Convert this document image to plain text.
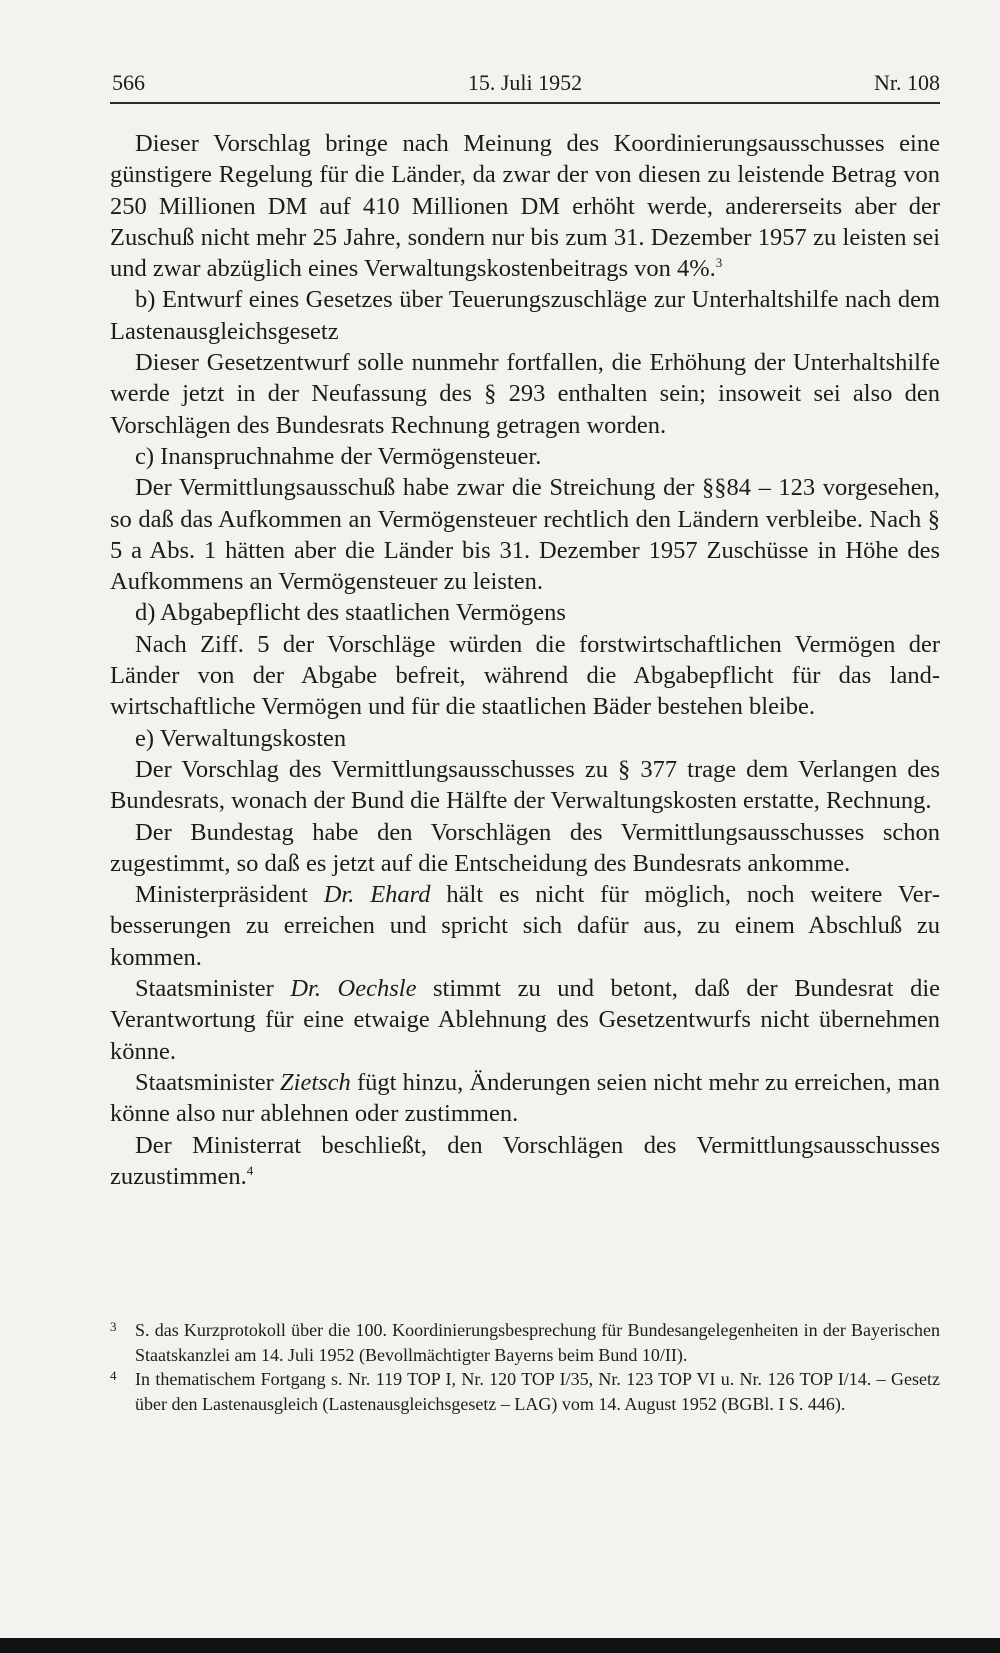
566	15. Juli 1952	Nr. 108

Dieser Vorschlag bringe nach Meinung des Koordinierungsausschusses eine günstigere Regelung für die Länder, da zwar der von diesen zu leistende Betrag von 250 Millionen DM auf 410 Millionen DM erhöht werde, andererseits aber der Zuschuß nicht mehr 25 Jahre, sondern nur bis zum 31. Dezember 1957 zu leisten sei und zwar abzüglich eines Verwaltungskostenbeitrags von 4%.$^3$

b) Entwurf eines Gesetzes über Teuerungszuschläge zur Unterhaltshilfe nach dem Lastenausgleichsgesetz

Dieser Gesetzentwurf solle nunmehr fortfallen, die Erhöhung der Unterhaltshilfe werde jetzt in der Neufassung des § 293 enthalten sein; insoweit sei also den Vorschlägen des Bundesrats Rechnung getragen worden.

c) Inanspruchnahme der Vermögensteuer.

Der Vermittlungsausschuß habe zwar die Streichung der §§84 – 123 vorgesehen, so daß das Aufkommen an Vermögensteuer rechtlich den Ländern verbleibe. Nach § 5 a Abs. 1 hätten aber die Länder bis 31. Dezember 1957 Zuschüsse in Höhe des Aufkommens an Vermögensteuer zu leisten.

d) Abgabepflicht des staatlichen Vermögens

Nach Ziff. 5 der Vorschläge würden die forstwirtschaftlichen Vermögen der Länder von der Abgabe befreit, während die Abgabepflicht für das landwirtschaftliche Vermögen und für die staatlichen Bäder bestehen bleibe.

e) Verwaltungskosten

Der Vorschlag des Vermittlungsausschusses zu § 377 trage dem Verlangen des Bundesrats, wonach der Bund die Hälfte der Verwaltungskosten erstatte, Rechnung.

Der Bundestag habe den Vorschlägen des Vermittlungsausschusses schon zugestimmt, so daß es jetzt auf die Entscheidung des Bundesrats ankomme.

Ministerpräsident Dr. Ehard hält es nicht für möglich, noch weitere Verbesserungen zu erreichen und spricht sich dafür aus, zu einem Abschluß zu kommen.

Staatsminister Dr. Oechsle stimmt zu und betont, daß der Bundesrat die Verantwortung für eine etwaige Ablehnung des Gesetzentwurfs nicht übernehmen könne.

Staatsminister Zietsch fügt hinzu, Änderungen seien nicht mehr zu erreichen, man könne also nur ablehnen oder zustimmen.

Der Ministerrat beschließt, den Vorschlägen des Vermittlungsausschusses zuzustimmen.$^4$

3 S. das Kurzprotokoll über die 100. Koordinierungsbesprechung für Bundesangelegenheiten in der Bayerischen Staatskanzlei am 14. Juli 1952 (Bevollmächtigter Bayerns beim Bund 10/II).

4 In thematischem Fortgang s. Nr. 119 TOP I, Nr. 120 TOP I/35, Nr. 123 TOP VI u. Nr. 126 TOP I/14. – Gesetz über den Lastenausgleich (Lastenausgleichsgesetz – LAG) vom 14. August 1952 (BGBl. I S. 446).
